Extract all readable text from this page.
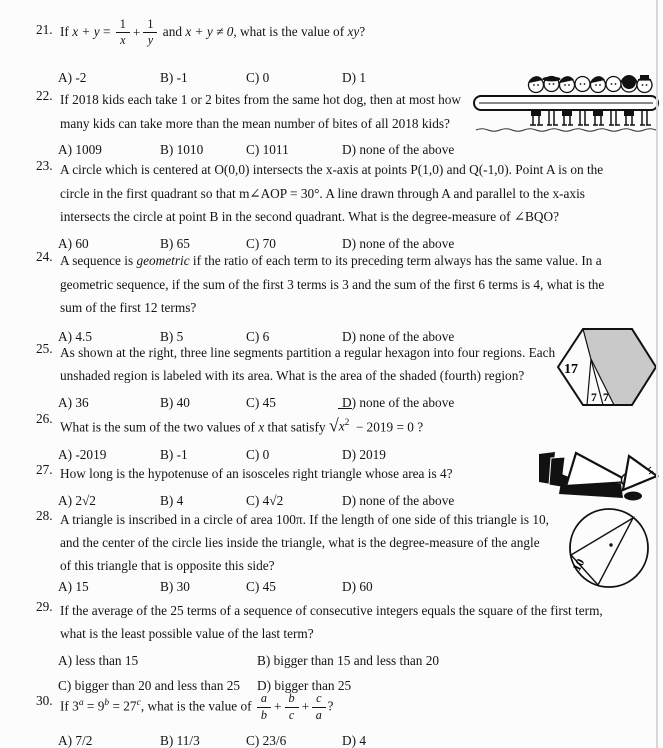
21. If $x + y = \frac{1}{x} + \frac{1}{y}$ and x + y ≠ 0, what is the value of xy?
A) -2	B) -1	C) 0	D) 1
22. If 2018 kids each take 1 or 2 bites from the same hot dog, then at most how
many kids can take more than the mean number of bites of all 2018 kids?
A) 1009	B) 1010	C) 1011	D) none of the above
23. A circle which is centered at O(0,0) intersects the x-axis at points P(1,0) and Q(-1,0). Point A is on the
circle in the first quadrant so that m∠AOP = 30°. A line drawn through A and parallel to the x-axis
intersects the circle at point B in the second quadrant. What is the degree-measure of ∠BQO?
A) 60	B) 65	C) 70	D) none of the above
24. A sequence is geometric if the ratio of each term to its preceding term always has the same value. In a
geometric sequence, if the sum of the first 3 terms is 3 and the sum of the first 6 terms is 4, what is the
sum of the first 12 terms?
A) 4.5	B) 5	C) 6	D) none of the above
25. As shown at the right, three line segments partition a regular hexagon into four regions. Each
unshaded region is labeled with its area. What is the area of the shaded (fourth) region?
A) 36	B) 40	C) 45	D) none of the above
26.
What is the sum of the two values of x that satisfy $√x^2 - 2019 = 0$ ?
A) -2019	B) -1	C) 0	D) 2019
27. How long is the hypotenuse of an isosceles right triangle whose area is 4?
A) 2√2	B) 4	C) 4√2	D) none of the above
28. A triangle is inscribed in a circle of area 100π. If the length of one side of this triangle is 10,
and the center of the circle lies inside the triangle, what is the degree-measure of the angle
of this triangle that is opposite this side?
A) 15	B) 30	C) 45	D) 60
29. If the average of the 25 terms of a sequence of consecutive integers equals the square of the first term,
what is the least possible value of the last term?
A) less than 15	B) bigger than 15 and less than 20
C) bigger than 20 and less than 25	D) bigger than 25
30. If $3^a = 9^b = 27^c$, what is the value of $\frac{a}{b} + \frac{b}{c} + \frac{c}{a}$ ?
A) 7/2	B) 11/3	C) 23/6	D) 4
17
7 7
10
